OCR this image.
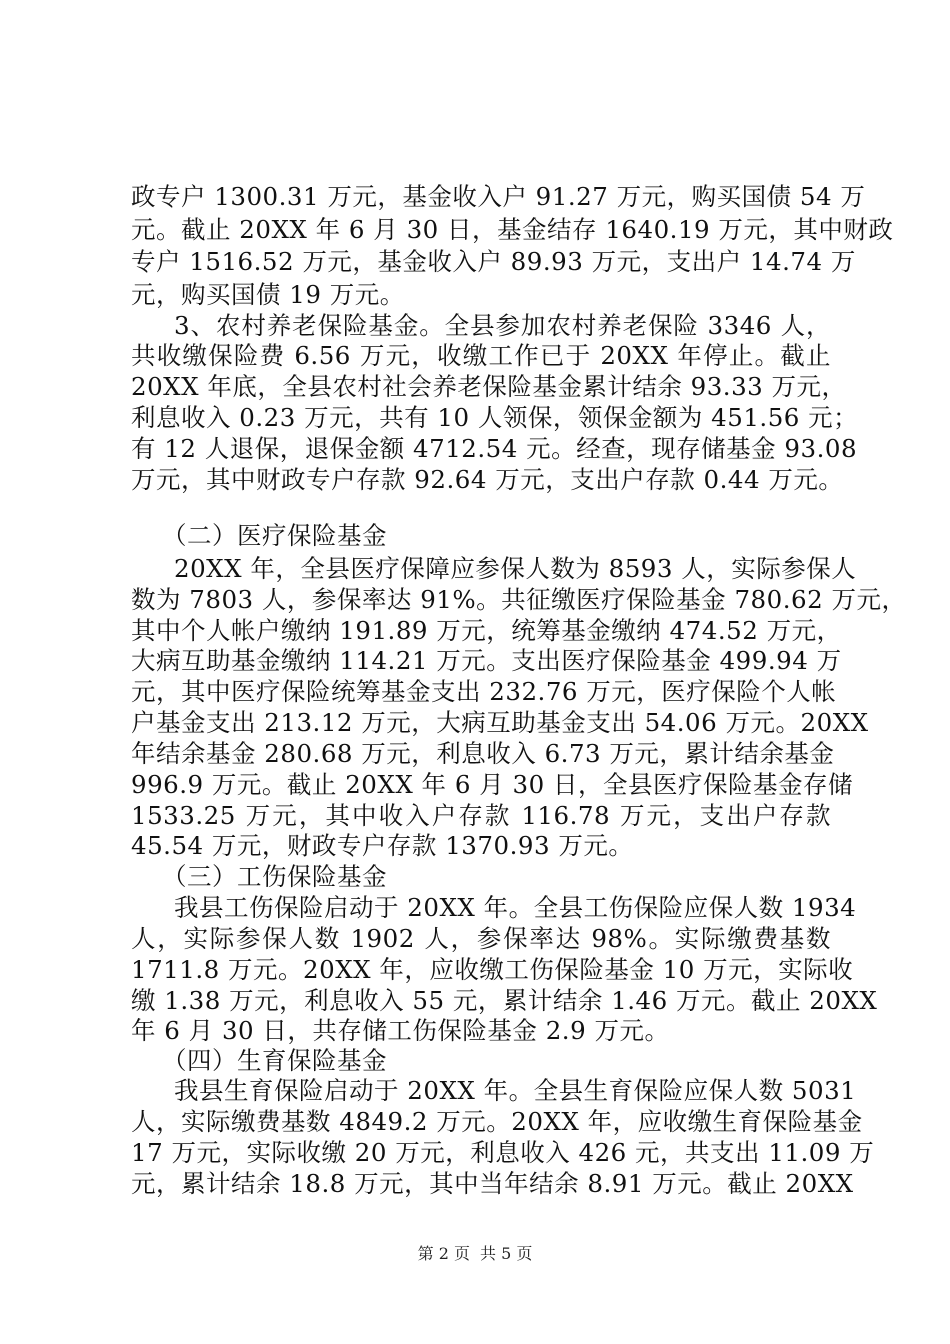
政专户 1300.31 万元，基金收入户 91.27 万元，购买国债 54 万
元。截止 20XX 年 6 月 30 日，基金结存 1640.19 万元，其中财政
专户 1516.52 万元，基金收入户 89.93 万元，支出户 14.74 万
元，购买国债 19 万元。
3、农村养老保险基金。全县参加农村养老保险 3346 人，
共收缴保险费 6.56 万元，收缴工作已于 20XX 年停止。截止
20XX 年底，全县农村社会养老保险基金累计结余 93.33 万元，
利息收入 0.23 万元，共有 10 人领保，领保金额为 451.56 元；
有 12 人退保，退保金额 4712.54 元。经查，现存储基金 93.08
万元，其中财政专户存款 92.64 万元，支出户存款 0.44 万元。
（二）医疗保险基金
20XX 年，全县医疗保障应参保人数为 8593 人，实际参保人
数为 7803 人，参保率达 91%。共征缴医疗保险基金 780.62 万元，
其中个人帐户缴纳 191.89 万元，统筹基金缴纳 474.52 万元，
大病互助基金缴纳 114.21 万元。支出医疗保险基金 499.94 万
元，其中医疗保险统筹基金支出 232.76 万元，医疗保险个人帐
户基金支出 213.12 万元，大病互助基金支出 54.06 万元。20XX
年结余基金 280.68 万元，利息收入 6.73 万元，累计结余基金
996.9 万元。截止 20XX 年 6 月 30 日，全县医疗保险基金存储
1533.25 万元，其中收入户存款 116.78 万元，支出户存款
45.54 万元，财政专户存款 1370.93 万元。
（三）工伤保险基金
我县工伤保险启动于 20XX 年。全县工伤保险应保人数 1934
人，实际参保人数 1902 人，参保率达 98%。实际缴费基数
1711.8 万元。20XX 年，应收缴工伤保险基金 10 万元，实际收
缴 1.38 万元，利息收入 55 元，累计结余 1.46 万元。截止 20XX
年 6 月 30 日，共存储工伤保险基金 2.9 万元。
（四）生育保险基金
我县生育保险启动于 20XX 年。全县生育保险应保人数 5031
人，实际缴费基数 4849.2 万元。20XX 年，应收缴生育保险基金
17 万元，实际收缴 20 万元，利息收入 426 元，共支出 11.09 万
元，累计结余 18.8 万元，其中当年结余 8.91 万元。截止 20XX
第 2 页 共 5 页
